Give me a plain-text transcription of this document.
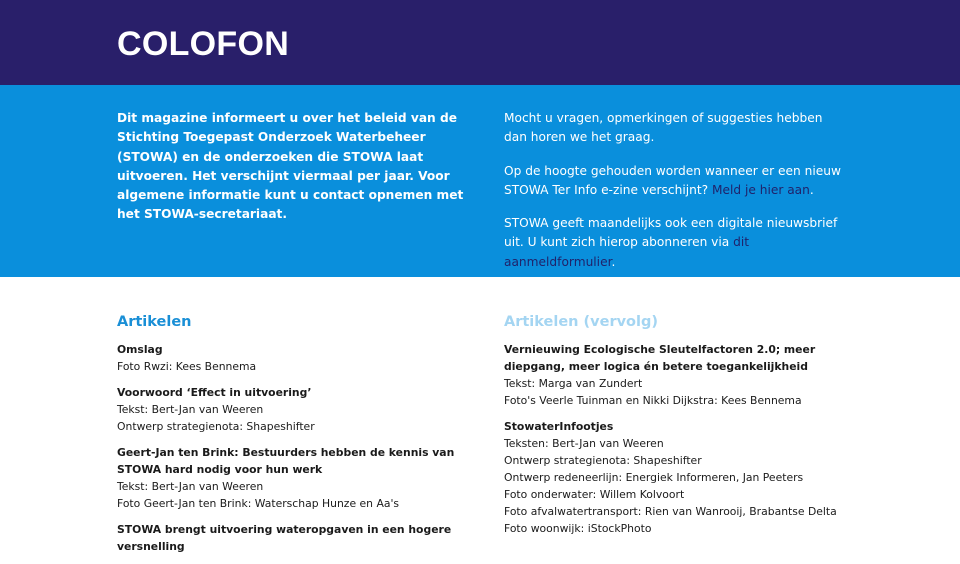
COLOFON

Dit magazine informeert u over het beleid van de Stichting Toegepast Onderzoek Waterbeheer (STOWA) en de onderzoeken die STOWA laat uitvoeren. Het verschijnt viermaal per jaar. Voor algemene informatie kunt u contact opnemen met het STOWA-secretariaat.

Mocht u vragen, opmerkingen of suggesties hebben dan horen we het graag.

Op de hoogte gehouden worden wanneer er een nieuw STOWA Ter Info e-zine verschijnt? Meld je hier aan.

STOWA geeft maandelijks ook een digitale nieuwsbrief uit. U kunt zich hierop abonneren via dit aanmeldformulier.

Artikelen
Omslag
Foto Rwzi: Kees Bennema
Voorwoord ‘Effect in uitvoering’
Tekst: Bert-Jan van Weeren
Ontwerp strategienota: Shapeshifter
Geert-Jan ten Brink: Bestuurders hebben de kennis van STOWA hard nodig voor hun werk
Tekst: Bert-Jan van Weeren
Foto Geert-Jan ten Brink: Waterschap Hunze en Aa's
STOWA brengt uitvoering wateropgaven in een hogere versnelling
Artikelen (vervolg)
Vernieuwing Ecologische Sleutelfactoren 2.0; meer diepgang, meer logica én betere toegankelijkheid
Tekst: Marga van Zundert
Foto's Veerle Tuinman en Nikki Dijkstra: Kees Bennema
StowaterInfootjes
Teksten: Bert-Jan van Weeren
Ontwerp strategienota: Shapeshifter
Ontwerp redeneerlijn: Energiek Informeren, Jan Peeters
Foto onderwater: Willem Kolvoort
Foto afvalwatertransport: Rien van Wanrooij, Brabantse Delta
Foto woonwijk: iStockPhoto
